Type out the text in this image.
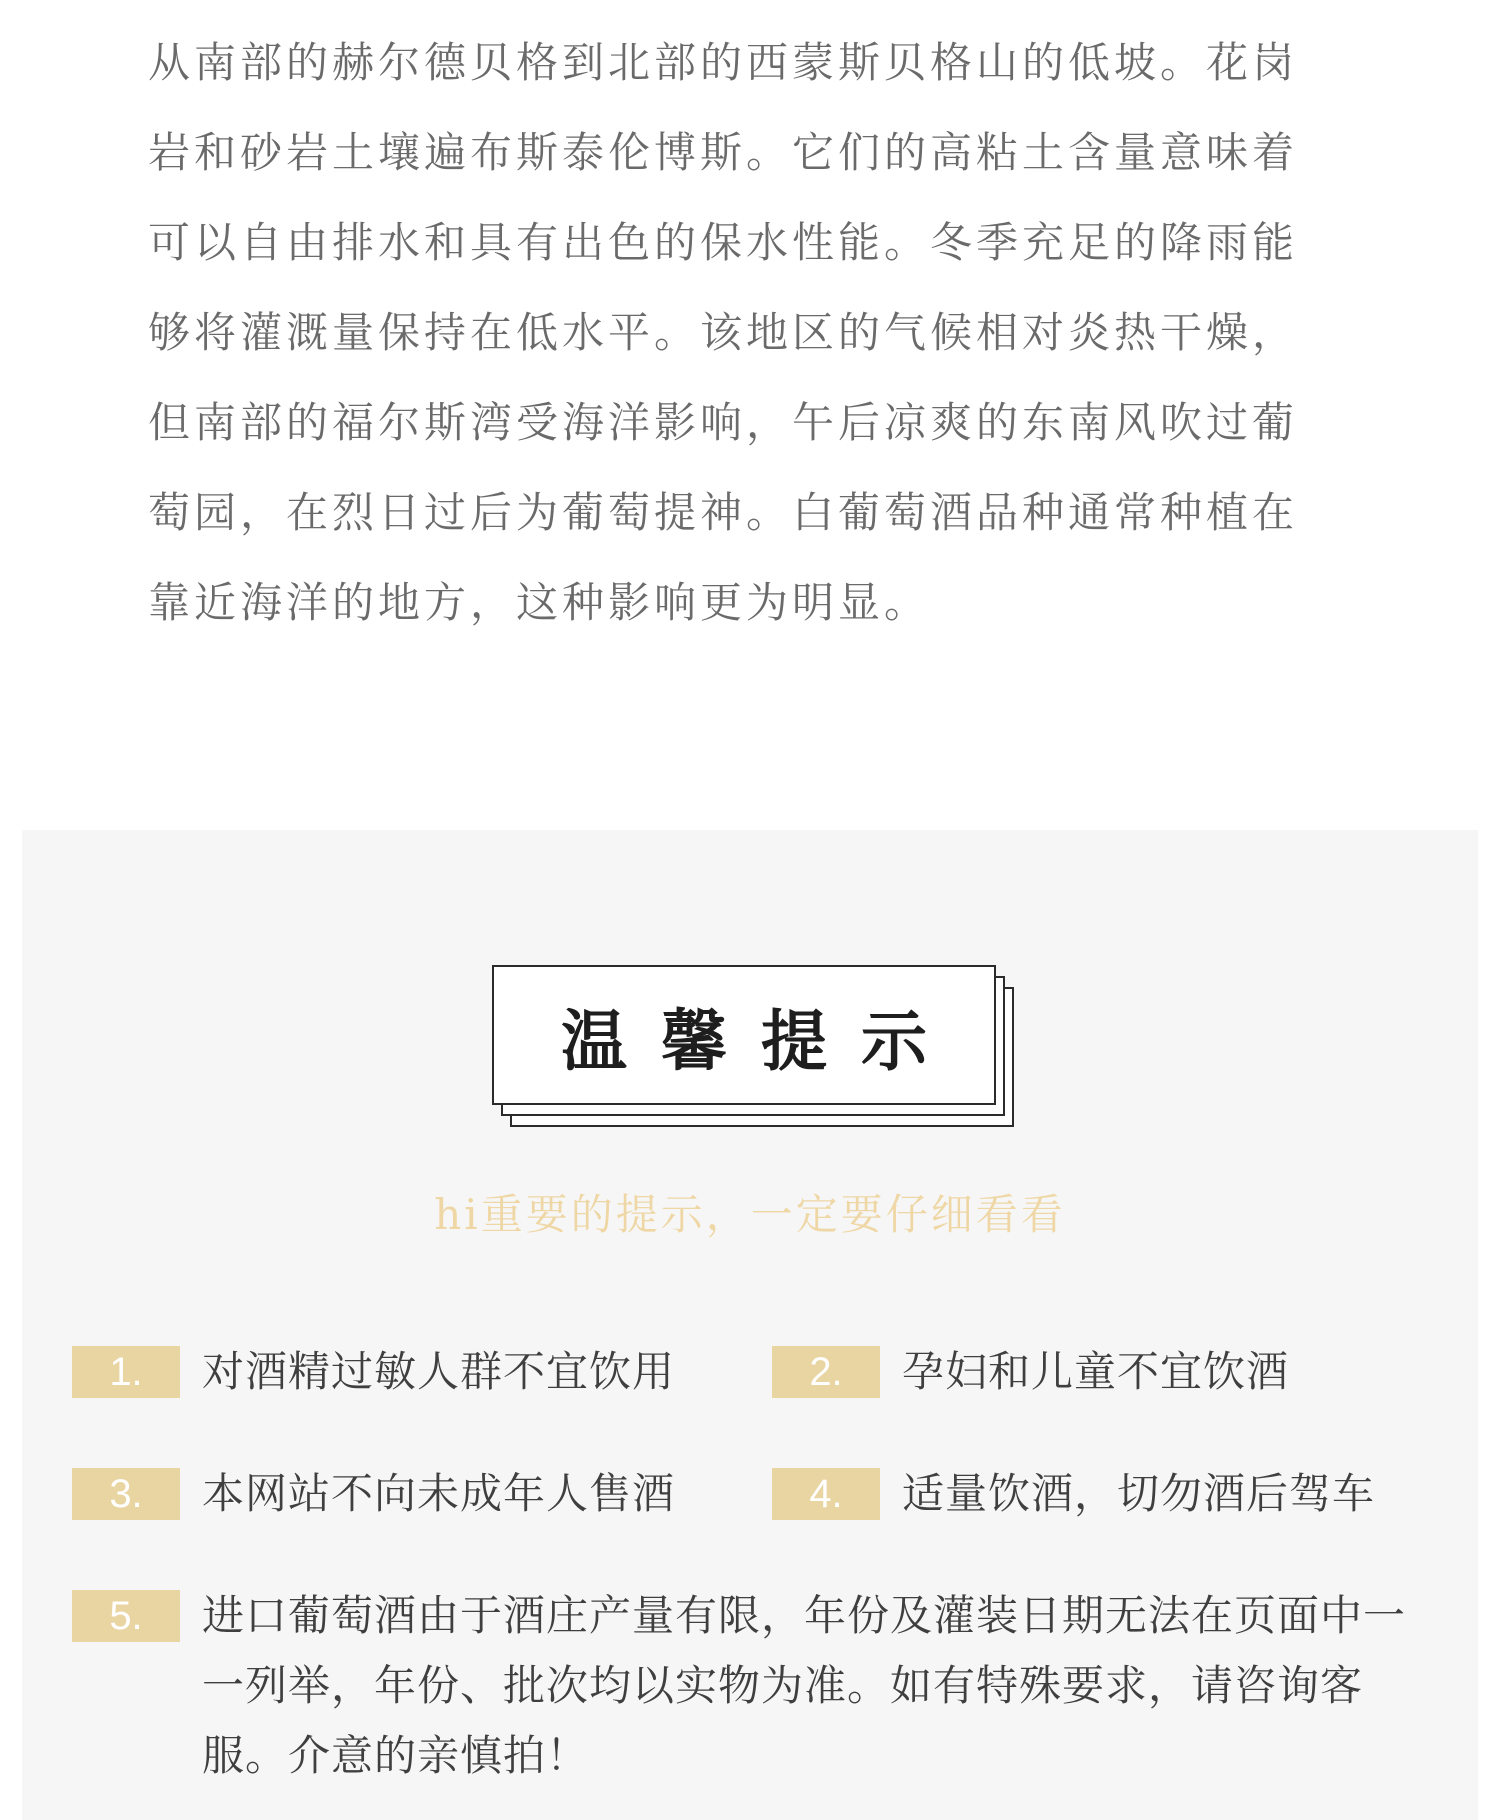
从南部的赫尔德贝格到北部的西蒙斯贝格山的低坡。花岗
岩和砂岩土壤遍布斯泰伦博斯。它们的高粘土含量意味着
可以自由排水和具有出色的保水性能。冬季充足的降雨能
够将灌溉量保持在低水平。该地区的气候相对炎热干燥，
但南部的福尔斯湾受海洋影响，午后凉爽的东南风吹过葡
萄园，在烈日过后为葡萄提神。白葡萄酒品种通常种植在
靠近海洋的地方，这种影响更为明显。
温馨提示
hi重要的提示，一定要仔细看看
1.	对酒精过敏人群不宜饮用	2.	孕妇和儿童不宜饮酒
3.	本网站不向未成年人售酒	4.	适量饮酒，切勿酒后驾车
5.	进口葡萄酒由于酒庄产量有限，年份及灌装日期无法在页面中一一列举，年份、批次均以实物为准。如有特殊要求，请咨询客服。介意的亲慎拍！
